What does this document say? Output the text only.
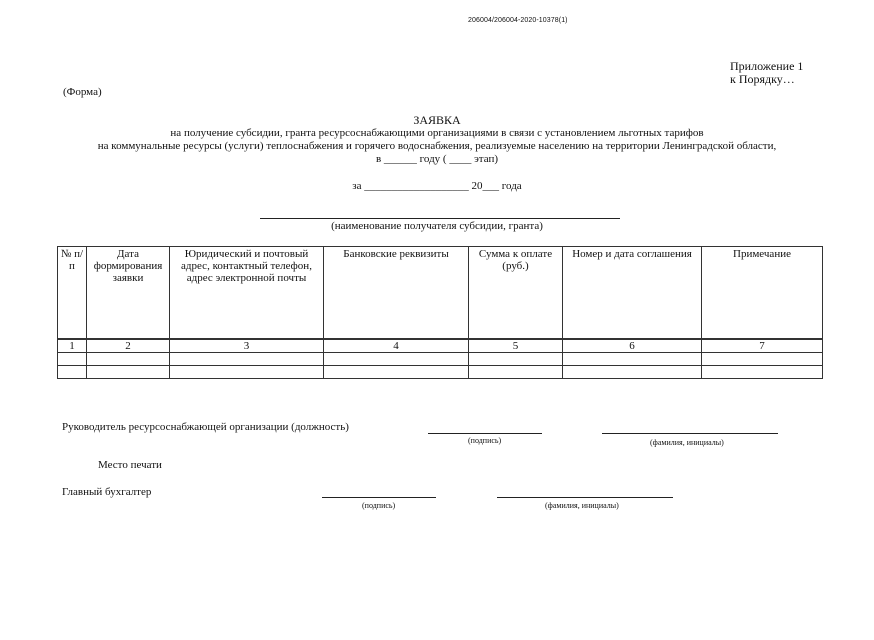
206004/206004-2020-10378(1)
Приложение 1
к Порядку…
(Форма)
ЗАЯВКА
на получение субсидии, гранта ресурсоснабжающими организациями в связи с установлением льготных тарифов
на коммунальные ресурсы (услуги) теплоснабжения и горячего водоснабжения, реализуемые населению на территории Ленинградской области,
в ______ году ( ____ этап)
за ___________________ 20___ года
(наименование получателя субсидии, гранта)
№ п/п	Дата формирования заявки	Юридический и почтовый адрес, контактный телефон, адрес электронной почты	Банковские реквизиты	Сумма к оплате (руб.)	Номер и дата соглашения	Примечание
1	2	3	4	5	6	7

Руководитель ресурсоснабжающей организации (должность)
(подпись)	(фамилия, инициалы)
Место печати
Главный бухгалтер
(подпись)	(фамилия, инициалы)
